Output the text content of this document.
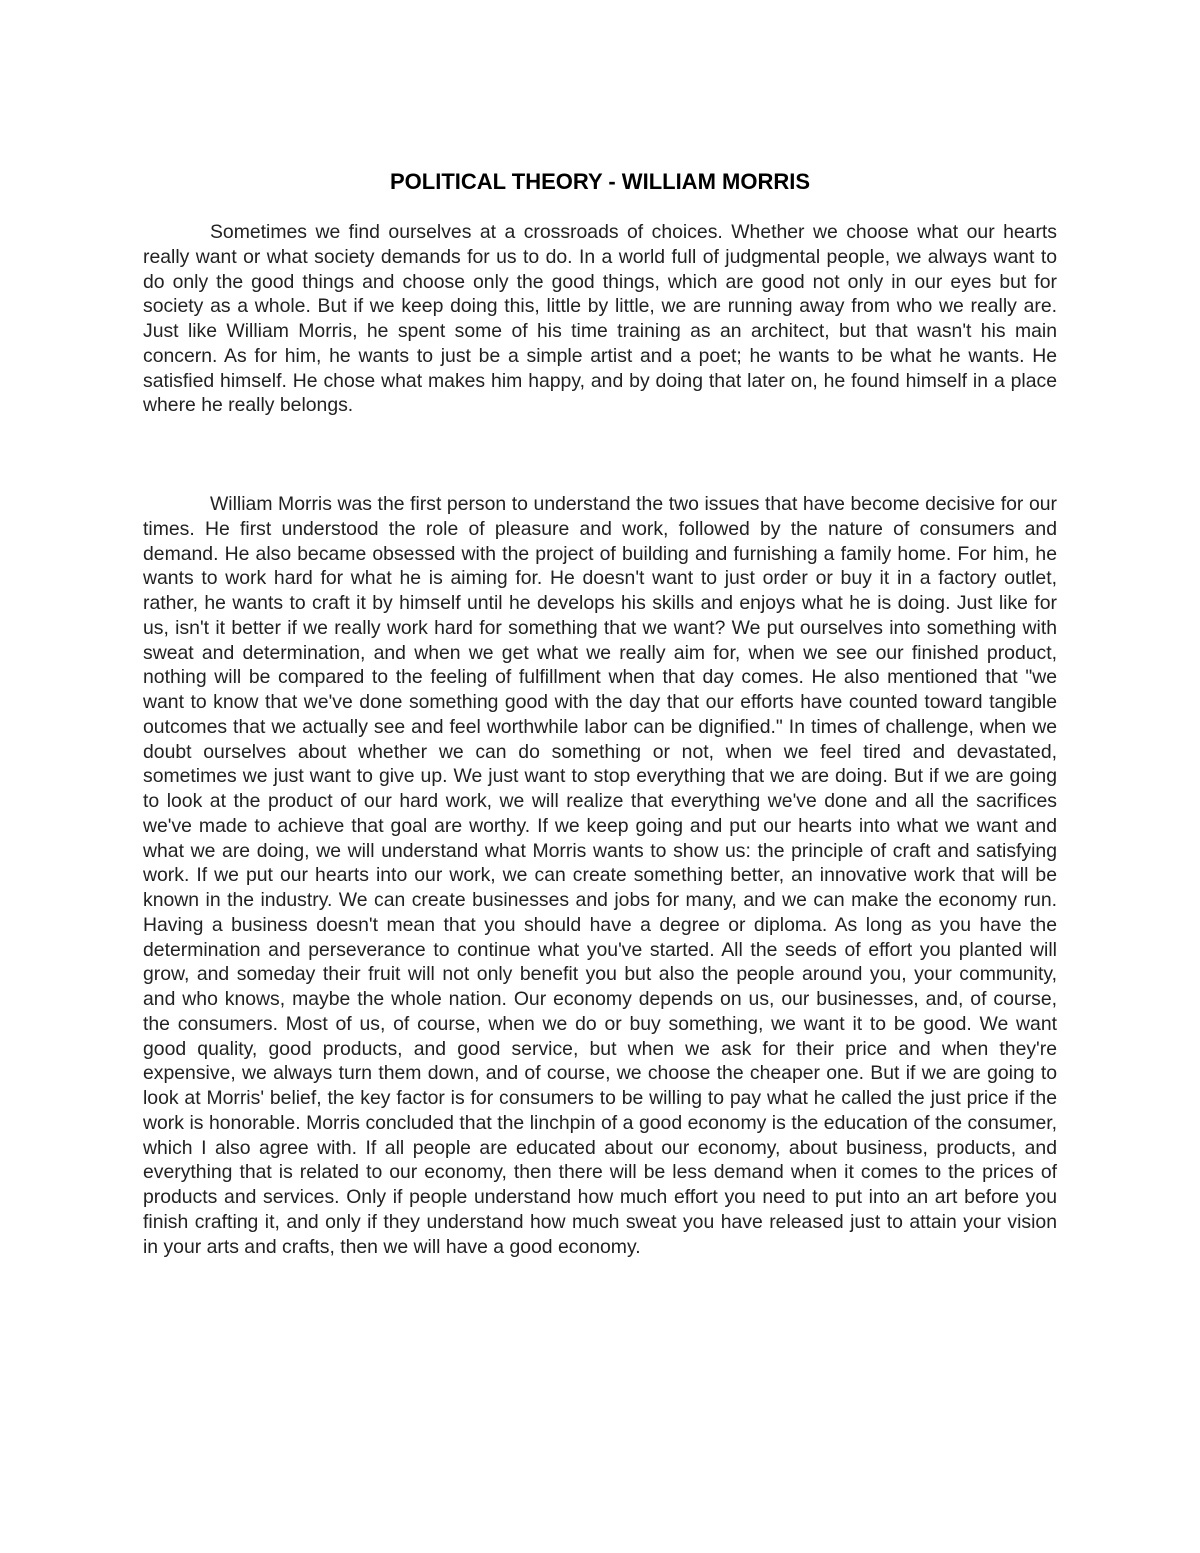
POLITICAL THEORY - WILLIAM MORRIS

Sometimes we find ourselves at a crossroads of choices. Whether we choose what our hearts really want or what society demands for us to do. In a world full of judgmental people, we always want to do only the good things and choose only the good things, which are good not only in our eyes but for society as a whole. But if we keep doing this, little by little, we are running away from who we really are. Just like William Morris, he spent some of his time training as an architect, but that wasn't his main concern. As for him, he wants to just be a simple artist and a poet; he wants to be what he wants. He satisfied himself. He chose what makes him happy, and by doing that later on, he found himself in a place where he really belongs.

William Morris was the first person to understand the two issues that have become decisive for our times. He first understood the role of pleasure and work, followed by the nature of consumers and demand. He also became obsessed with the project of building and furnishing a family home. For him, he wants to work hard for what he is aiming for. He doesn't want to just order or buy it in a factory outlet, rather, he wants to craft it by himself until he develops his skills and enjoys what he is doing. Just like for us, isn't it better if we really work hard for something that we want? We put ourselves into something with sweat and determination, and when we get what we really aim for, when we see our finished product, nothing will be compared to the feeling of fulfillment when that day comes. He also mentioned that "we want to know that we've done something good with the day that our efforts have counted toward tangible outcomes that we actually see and feel worthwhile labor can be dignified." In times of challenge, when we doubt ourselves about whether we can do something or not, when we feel tired and devastated, sometimes we just want to give up. We just want to stop everything that we are doing. But if we are going to look at the product of our hard work, we will realize that everything we've done and all the sacrifices we've made to achieve that goal are worthy. If we keep going and put our hearts into what we want and what we are doing, we will understand what Morris wants to show us: the principle of craft and satisfying work. If we put our hearts into our work, we can create something better, an innovative work that will be known in the industry. We can create businesses and jobs for many, and we can make the economy run. Having a business doesn't mean that you should have a degree or diploma. As long as you have the determination and perseverance to continue what you've started. All the seeds of effort you planted will grow, and someday their fruit will not only benefit you but also the people around you, your community, and who knows, maybe the whole nation. Our economy depends on us, our businesses, and, of course, the consumers. Most of us, of course, when we do or buy something, we want it to be good. We want good quality, good products, and good service, but when we ask for their price and when they're expensive, we always turn them down, and of course, we choose the cheaper one. But if we are going to look at Morris' belief, the key factor is for consumers to be willing to pay what he called the just price if the work is honorable. Morris concluded that the linchpin of a good economy is the education of the consumer, which I also agree with. If all people are educated about our economy, about business, products, and everything that is related to our economy, then there will be less demand when it comes to the prices of products and services. Only if people understand how much effort you need to put into an art before you finish crafting it, and only if they understand how much sweat you have released just to attain your vision in your arts and crafts, then we will have a good economy.
